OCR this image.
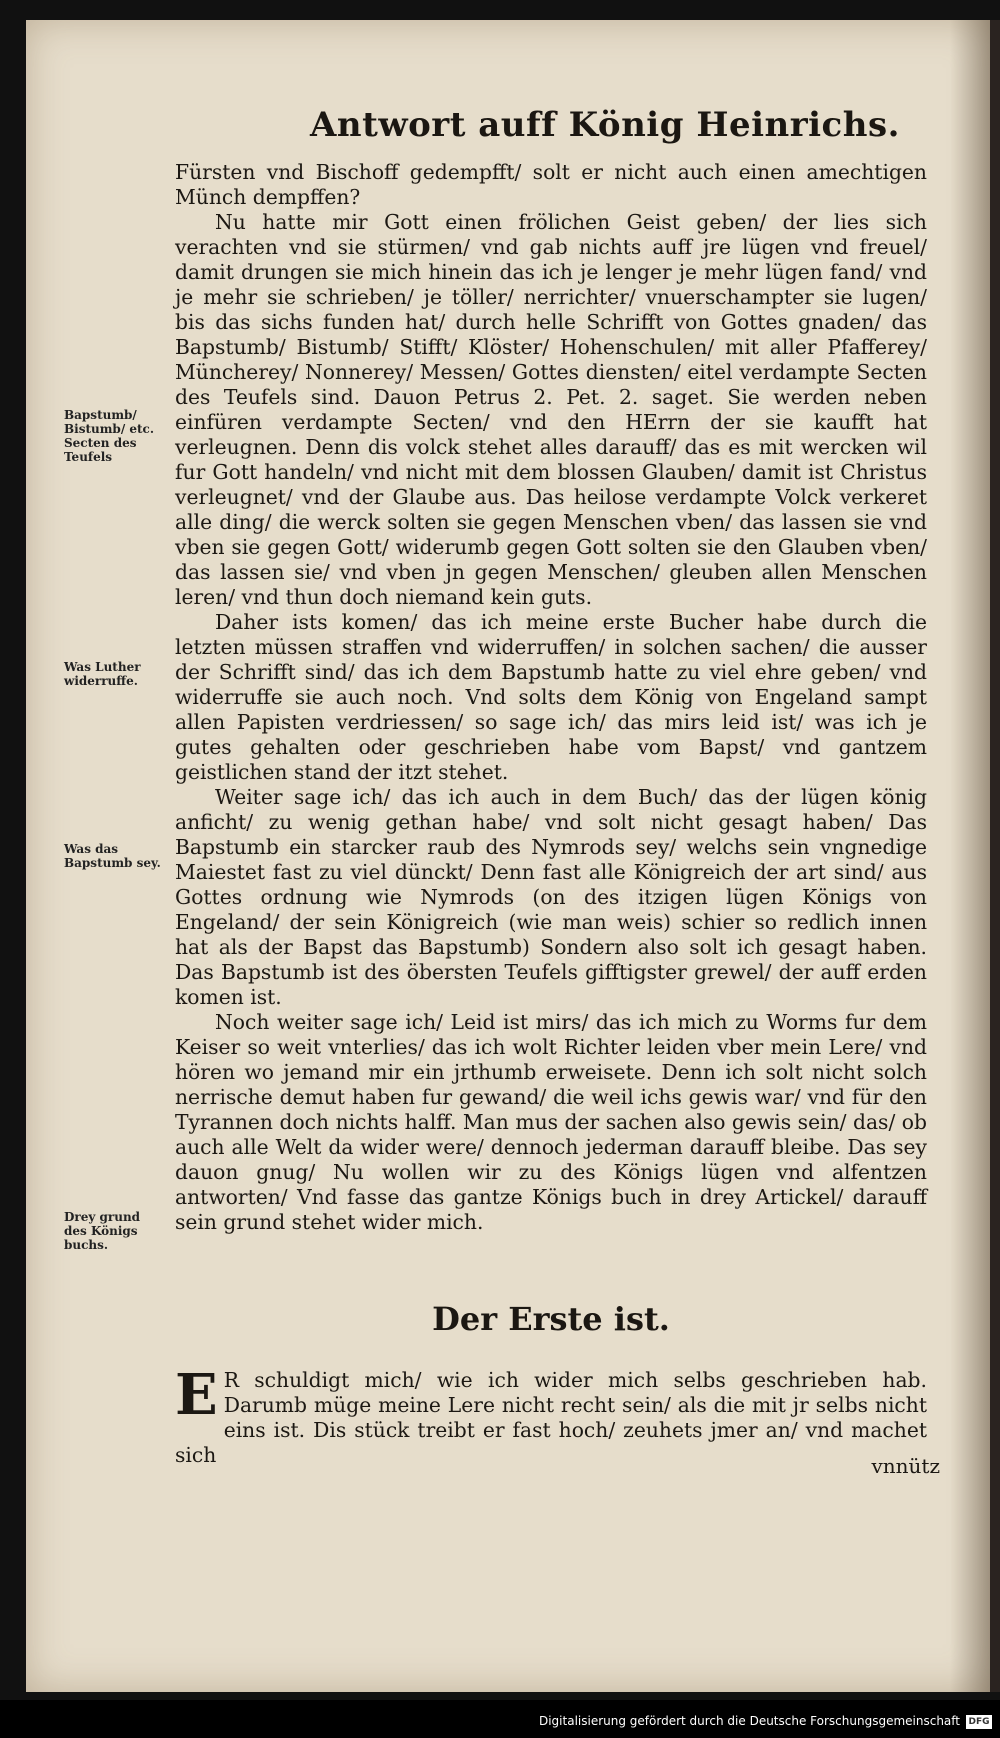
Antwort auff König Heinrichs.

Fürsten vnd Bischoff gedempfft/ solt er nicht auch einen amechtigen Münch dempffen?

Nu hatte mir Gott einen frölichen Geist geben/ der lies sich verachten vnd sie stürmen/ vnd gab nichts auff jre lügen vnd freuel/ damit drungen sie mich hinein das ich je lenger je mehr lügen fand/ vnd je mehr sie schrieben/ je töller/ nerrichter/ vnuerschampter sie lugen/ bis das sichs funden hat/ durch helle Schrifft von Gottes gnaden/ das Bapstumb/ Bistumb/ Stifft/ Klöster/ Hohenschulen/ mit aller Pfafferey/ Müncherey/ Nonnerey/ Messen/ Gottes diensten/ eitel verdampte Secten des Teufels sind. Dauon Petrus 2. Pet. 2. saget. Sie werden neben einfüren verdampte Secten/ vnd den HErrn der sie kaufft hat verleugnen. Denn dis volck stehet alles darauff/ das es mit wercken wil fur Gott handeln/ vnd nicht mit dem blossen Glauben/ damit ist Christus verleugnet/ vnd der Glaube aus. Das heilose verdampte Volck verkeret alle ding/ die werck solten sie gegen Menschen vben/ das lassen sie vnd vben sie gegen Gott/ widerumb gegen Gott solten sie den Glauben vben/ das lassen sie/ vnd vben jn gegen Menschen/ gleuben allen Menschen leren/ vnd thun doch niemand kein guts.

Daher ists komen/ das ich meine erste Bucher habe durch die letzten müssen straffen vnd widerruffen/ in solchen sachen/ die ausser der Schrifft sind/ das ich dem Bapstumb hatte zu viel ehre geben/ vnd widerruffe sie auch noch. Vnd solts dem König von Engeland sampt allen Papisten verdriessen/ so sage ich/ das mirs leid ist/ was ich je gutes gehalten oder geschrieben habe vom Bapst/ vnd gantzem geistlichen stand der itzt stehet.

Weiter sage ich/ das ich auch in dem Buch/ das der lügen könig anficht/ zu wenig gethan habe/ vnd solt nicht gesagt haben/ Das Bapstumb ein starcker raub des Nymrods sey/ welchs sein vngnedige Maiestet fast zu viel dünckt/ Denn fast alle Königreich der art sind/ aus Gottes ordnung wie Nymrods (on des itzigen lügen Königs von Engeland/ der sein Königreich (wie man weis) schier so redlich innen hat als der Bapst das Bapstumb) Sondern also solt ich gesagt haben. Das Bapstumb ist des öbersten Teufels gifftigster grewel/ der auff erden komen ist.

Noch weiter sage ich/ Leid ist mirs/ das ich mich zu Worms fur dem Keiser so weit vnterlies/ das ich wolt Richter leiden vber mein Lere/ vnd hören wo jemand mir ein jrthumb erweisete. Denn ich solt nicht solch nerrische demut haben fur gewand/ die weil ichs gewis war/ vnd für den Tyrannen doch nichts halff. Man mus der sachen also gewis sein/ das/ ob auch alle Welt da wider were/ dennoch jederman darauff bleibe. Das sey dauon gnug/ Nu wollen wir zu des Königs lügen vnd alfentzen antworten/ Vnd fasse das gantze Königs buch in drey Artickel/ darauff sein grund stehet wider mich.

Bapstumb/ Bistumb/ etc. Secten des Teufels
Was Luther widerruffe.
Was das Bapstumb sey.
Drey grund des Königs buchs.
Der Erste ist.

E R schuldigt mich/ wie ich wider mich selbs geschrieben hab. Darumb müge meine Lere nicht recht sein/ als die mit jr selbs nicht eins ist. Dis stück treibt er fast hoch/ zeuhets jmer an/ vnd machet sich	vnnütz
Digitalisierung gefördert durch die Deutsche Forschungsgemeinschaft DFG
